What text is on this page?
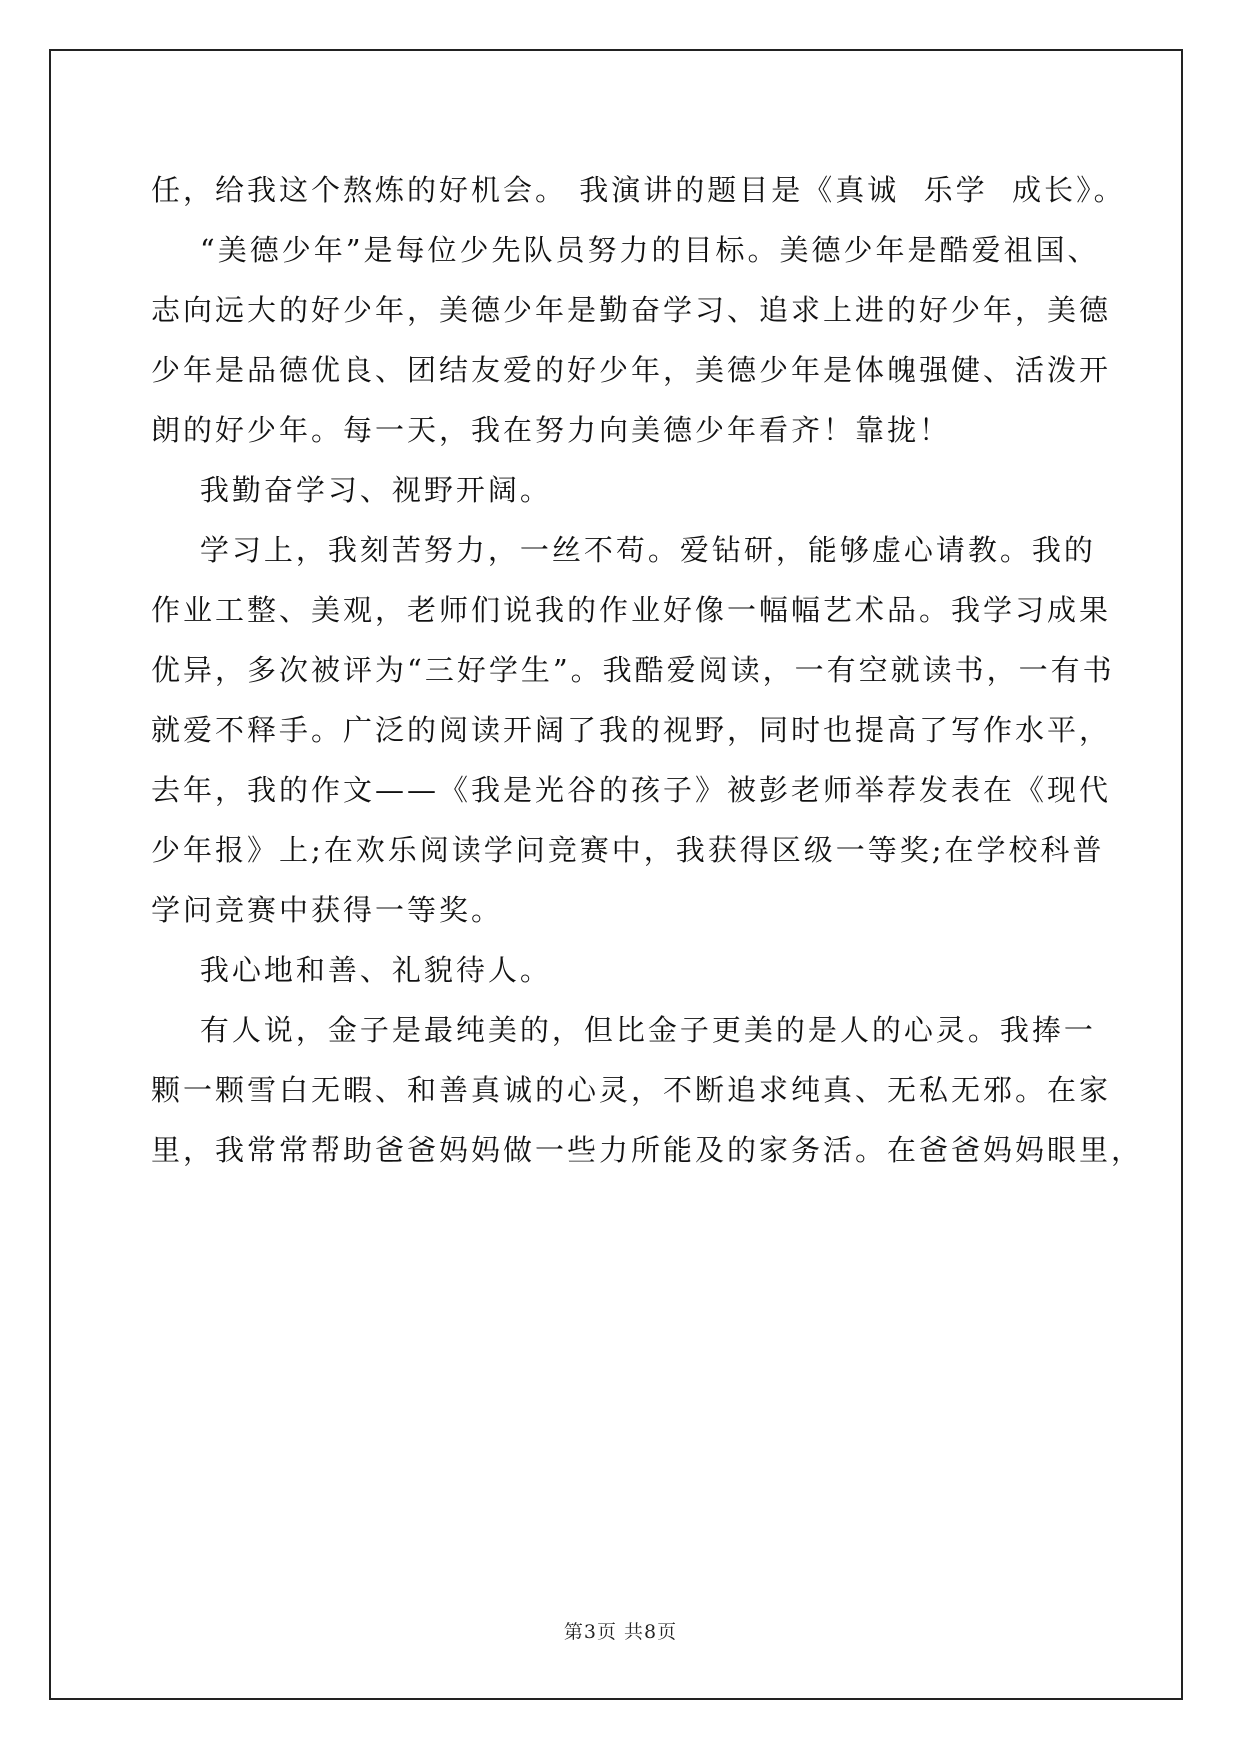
任，给我这个熬炼的好机会。 我演讲的题目是《真诚  乐学  成长》。
“美德少年”是每位少先队员努力的目标。美德少年是酷爱祖国、
志向远大的好少年，美德少年是勤奋学习、追求上进的好少年，美德
少年是品德优良、团结友爱的好少年，美德少年是体魄强健、活泼开
朗的好少年。每一天，我在努力向美德少年看齐！靠拢！
我勤奋学习、视野开阔。
学习上，我刻苦努力，一丝不苟。爱钻研，能够虚心请教。我的
作业工整、美观，老师们说我的作业好像一幅幅艺术品。我学习成果
优异，多次被评为“三好学生”。我酷爱阅读，一有空就读书，一有书
就爱不释手。广泛的阅读开阔了我的视野，同时也提高了写作水平，
去年，我的作文——《我是光谷的孩子》被彭老师举荐发表在《现代
少年报》上;在欢乐阅读学问竞赛中，我获得区级一等奖;在学校科普
学问竞赛中获得一等奖。
我心地和善、礼貌待人。
有人说，金子是最纯美的，但比金子更美的是人的心灵。我捧一
颗一颗雪白无暇、和善真诚的心灵，不断追求纯真、无私无邪。在家
里，我常常帮助爸爸妈妈做一些力所能及的家务活。在爸爸妈妈眼里，
第3页 共8页
